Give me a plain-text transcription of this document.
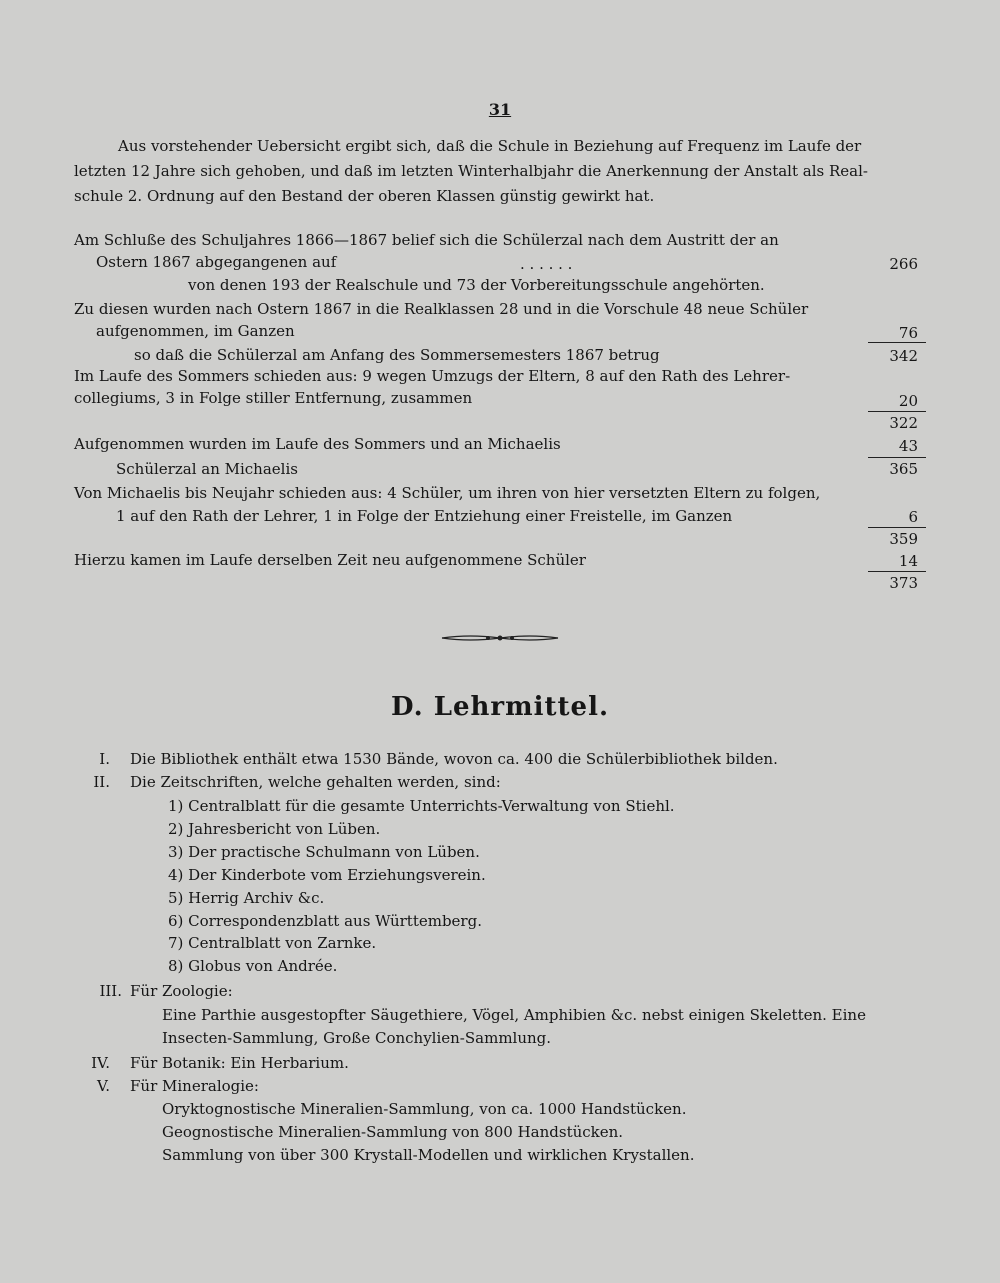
31
Aus vorstehender Uebersicht ergibt sich, daß die Schule in Beziehung auf Frequenz im Laufe der
letzten 12 Jahre sich gehoben, und daß im letzten Winterhalbjahr die Anerkennung der Anstalt als Real-
schule 2. Ordnung auf den Bestand der oberen Klassen günstig gewirkt hat.
Am Schluße des Schuljahres 1866—1867 belief sich die Schülerzal nach dem Austritt der an
Ostern 1867 abgegangenen auf	. . . . . .	266
von denen 193 der Realschule und 73 der Vorbereitungsschule angehörten.
Zu diesen wurden nach Ostern 1867 in die Realklassen 28 und in die Vorschule 48 neue Schüler
aufgenommen, im Ganzen	76
so daß die Schülerzal am Anfang des Sommersemesters 1867 betrug	342
Im Laufe des Sommers schieden aus: 9 wegen Umzugs der Eltern, 8 auf den Rath des Lehrer-
collegiums, 3 in Folge stiller Entfernung, zusammen	20
322
Aufgenommen wurden im Laufe des Sommers und an Michaelis	43
Schülerzal an Michaelis	365
Von Michaelis bis Neujahr schieden aus: 4 Schüler, um ihren von hier versetzten Eltern zu folgen,
1 auf den Rath der Lehrer, 1 in Folge der Entziehung einer Freistelle, im Ganzen	6
359
Hierzu kamen im Laufe derselben Zeit neu aufgenommene Schüler	14
373
D. Lehrmittel.
I. Die Bibliothek enthält etwa 1530 Bände, wovon ca. 400 die Schülerbibliothek bilden.
II. Die Zeitschriften, welche gehalten werden, sind:
1) Centralblatt für die gesamte Unterrichts-Verwaltung von Stiehl.
2) Jahresbericht von Lüben.
3) Der practische Schulmann von Lüben.
4) Der Kinderbote vom Erziehungsverein.
5) Herrig Archiv &c.
6) Correspondenzblatt aus Württemberg.
7) Centralblatt von Zarnke.
8) Globus von Andrée.
III. Für Zoologie:
Eine Parthie ausgestopfter Säugethiere, Vögel, Amphibien &c. nebst einigen Skeletten. Eine
Insecten-Sammlung, Große Conchylien-Sammlung.
IV. Für Botanik: Ein Herbarium.
V. Für Mineralogie:
Oryktognostische Mineralien-Sammlung, von ca. 1000 Handstücken.
Geognostische Mineralien-Sammlung von 800 Handstücken.
Sammlung von über 300 Krystall-Modellen und wirklichen Krystallen.
